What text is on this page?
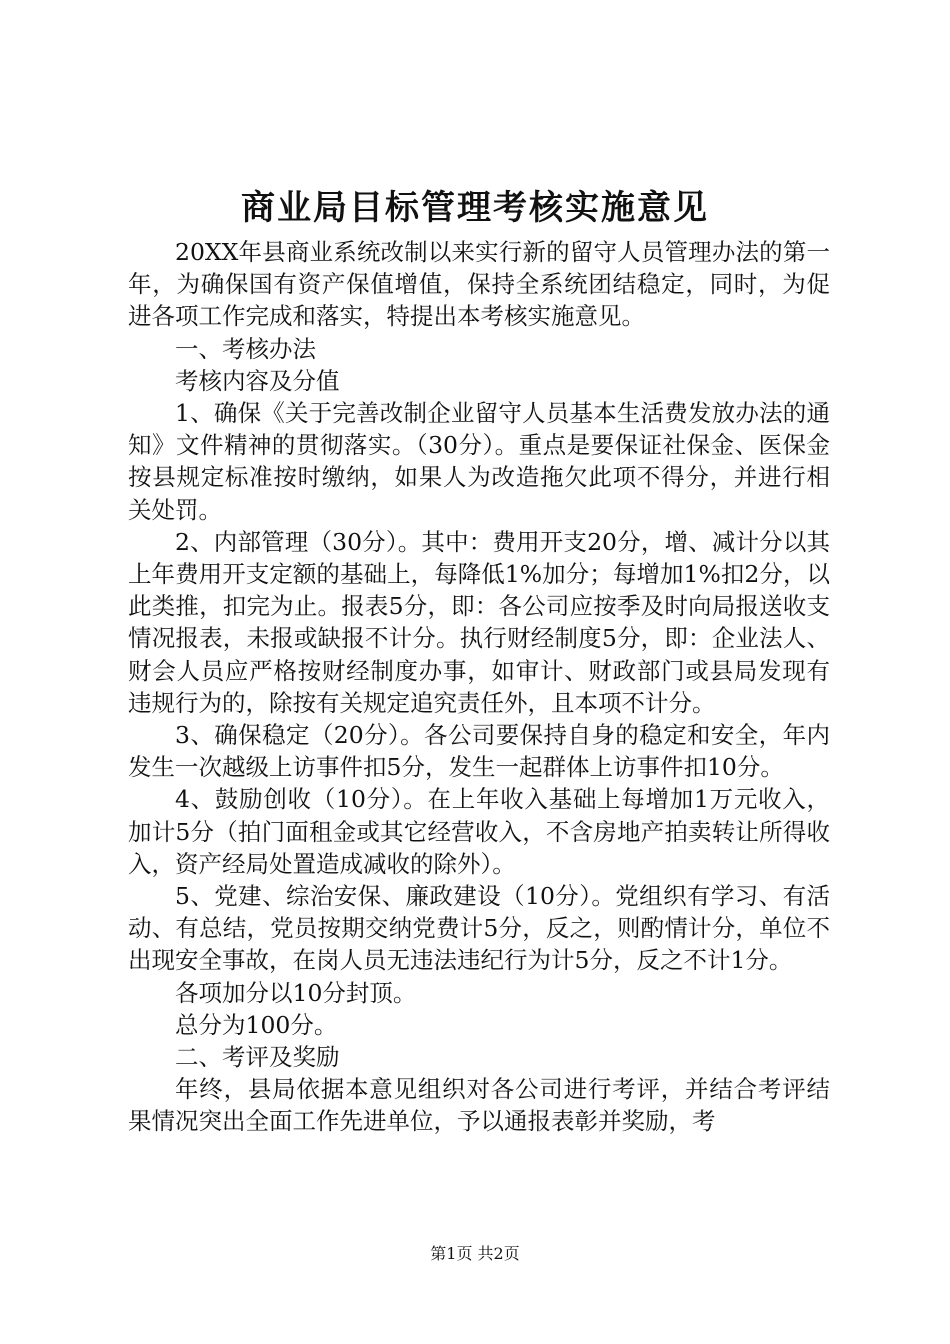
商业局目标管理考核实施意见

20XX年县商业系统改制以来实行新的留守人员管理办法的第一年，为确保国有资产保值增值，保持全系统团结稳定，同时，为促进各项工作完成和落实，特提出本考核实施意见。

一、考核办法

考核内容及分值

1、确保《关于完善改制企业留守人员基本生活费发放办法的通知》文件精神的贯彻落实。（30分）。重点是要保证社保金、医保金按县规定标准按时缴纳，如果人为改造拖欠此项不得分，并进行相关处罚。

2、内部管理（30分）。其中：费用开支20分，增、减计分以其上年费用开支定额的基础上，每降低1%加分；每增加1%扣2分，以此类推，扣完为止。报表5分，即：各公司应按季及时向局报送收支情况报表，未报或缺报不计分。执行财经制度5分，即：企业法人、财会人员应严格按财经制度办事，如审计、财政部门或县局发现有违规行为的，除按有关规定追究责任外，且本项不计分。

3、确保稳定（20分）。各公司要保持自身的稳定和安全，年内发生一次越级上访事件扣5分，发生一起群体上访事件扣10分。

4、鼓励创收（10分）。在上年收入基础上每增加1万元收入，加计5分（拍门面租金或其它经营收入，不含房地产拍卖转让所得收入，资产经局处置造成减收的除外）。

5、党建、综治安保、廉政建设（10分）。党组织有学习、有活动、有总结，党员按期交纳党费计5分，反之，则酌情计分，单位不出现安全事故，在岗人员无违法违纪行为计5分，反之不计1分。

各项加分以10分封顶。

总分为100分。

二、考评及奖励

年终，县局依据本意见组织对各公司进行考评，并结合考评结果情况突出全面工作先进单位，予以通报表彰并奖励，考

第1页 共2页
